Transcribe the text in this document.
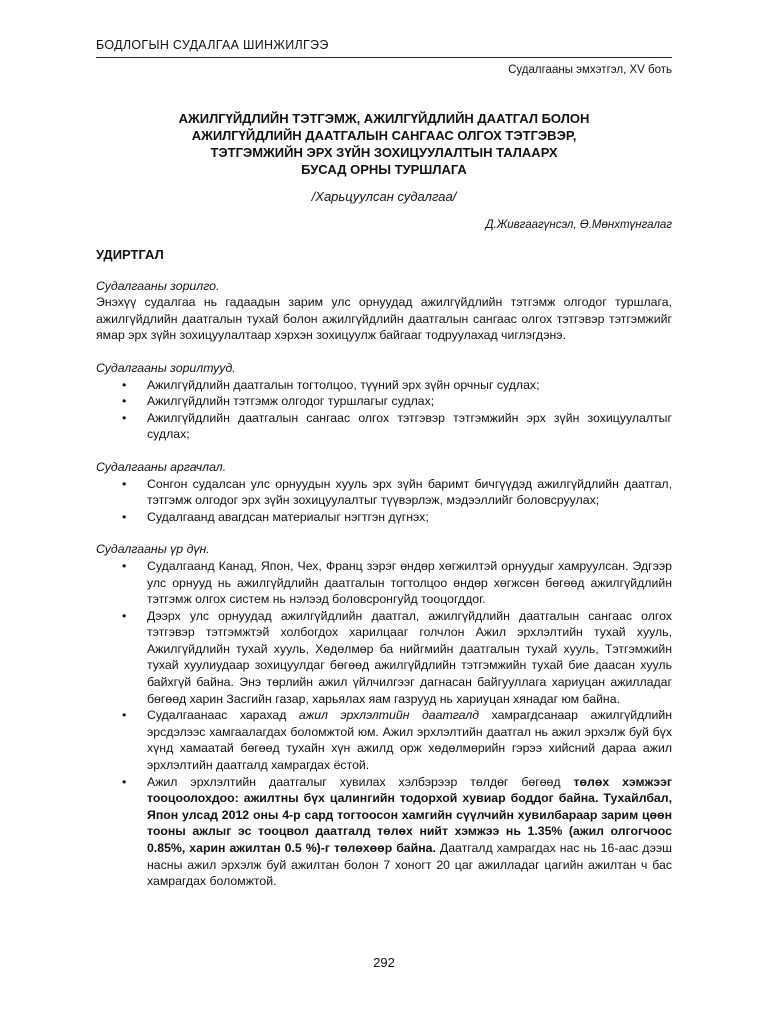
БОДЛОГЫН СУДАЛГАА ШИНЖИЛГЭЭ
Судалгааны эмхэтгэл, XV боть
АЖИЛГҮЙДЛИЙН ТЭТГЭМЖ, АЖИЛГҮЙДЛИЙН ДААТГАЛ БОЛОН
АЖИЛГҮЙДЛИЙН ДААТГАЛЫН САНГААС ОЛГОХ ТЭТГЭВЭР,
ТЭТГЭМЖИЙН ЭРХ ЗҮЙН ЗОХИЦУУЛАЛТЫН ТАЛААРХ
БУСАД ОРНЫ ТУРШЛАГА
/Харьцуулсан судалгаа/
Д.Живгаагүнсэл, Ө.Мөнхтүнгалаг
УДИРТГАЛ
Судалгааны зорилго.

Энэхүү судалгаа нь гадаадын зарим улс орнуудад ажилгүйдлийн тэтгэмж олгодог туршлага, ажилгүйдлийн даатгалын тухай болон ажилгүйдлийн даатгалын сангаас олгох тэтгэвэр тэтгэмжийг ямар эрх зүйн зохицуулалтаар хэрхэн зохицуулж байгааг тодруулахад чиглэгдэнэ.

Судалгааны зорилтууд.
• Ажилгүйдлийн даатгалын тогтолцоо, түүний эрх зүйн орчныг судлах;
• Ажилгүйдлийн тэтгэмж олгодог туршлагыг судлах;
• Ажилгүйдлийн даатгалын сангаас олгох тэтгэвэр тэтгэмжийн эрх зүйн зохицуулалтыг судлах;
Судалгааны аргачлал.
• Сонгон судалсан улс орнуудын хууль эрх зүйн баримт бичгүүдэд ажилгүйдлийн даатгал, тэтгэмж олгодог эрх зүйн зохицуулалтыг түүвэрлэж, мэдээллийг боловсруулах;
• Судалгаанд авагдсан материалыг нэгтгэн дүгнэх;
Судалгааны үр дүн.
• Судалгаанд Канад, Япон, Чех, Франц зэрэг өндөр хөгжилтэй орнуудыг хамруулсан. Эдгээр улс орнууд нь ажилгүйдлийн даатгалын тогтолцоо өндөр хөгжсөн бөгөөд ажилгүйдлийн тэтгэмж олгох систем нь нэлээд боловсронгуйд тооцогддог.
• Дээрх улс орнуудад ажилгүйдлийн даатгал, ажилгүйдлийн даатгалын сангаас олгох тэтгэвэр тэтгэмжтэй холбогдох харилцааг голчлон Ажил эрхлэлтийн тухай хууль, Ажилгүйдлийн тухай хууль, Хөдөлмөр ба нийгмийн даатгалын тухай хууль, Тэтгэмжийн тухай хуулиудаар зохицуулдаг бөгөөд ажилгүйдлийн тэтгэмжийн тухай бие даасан хууль байхгүй байна. Энэ төрлийн ажил үйлчилгээг дагнасан байгууллага хариуцан ажилладаг бөгөөд харин Засгийн газар, харьялах яам газрууд нь хариуцан хянадаг юм байна.
• Судалгаанаас харахад ажил эрхлэлтийн даатгалд хамрагдсанаар ажилгүйдлийн эрсдэлээс хамгаалагдах боломжтой юм. Ажил эрхлэлтийн даатгал нь ажил эрхэлж буй бүх хүнд хамаатай бөгөөд тухайн хүн ажилд орж хөдөлмөрийн гэрээ хийсний дараа ажил эрхлэлтийн даатгалд хамрагдах ёстой.
• Ажил эрхлэлтийн даатгалыг хувилах хэлбэрээр төлдөг бөгөөд төлөх хэмжээг тооцоолохдоо: ажилтны бүх цалингийн тодорхой хувиар боддог байна. Тухайлбал, Япон улсад 2012 оны 4-р сард тогтоосон хамгийн сүүлчийн хувилбараар зарим цөөн тооны ажлыг эс тооцвол даатгалд төлөх нийт хэмжээ нь 1.35% (ажил олгогчоос 0.85%, харин ажилтан 0.5 %)-г төлөхөөр байна. Даатгалд хамрагдах нас нь 16-аас дээш насны ажил эрхэлж буй ажилтан болон 7 хоногт 20 цаг ажилладаг цагийн ажилтан ч бас хамрагдах боломжтой.
292
